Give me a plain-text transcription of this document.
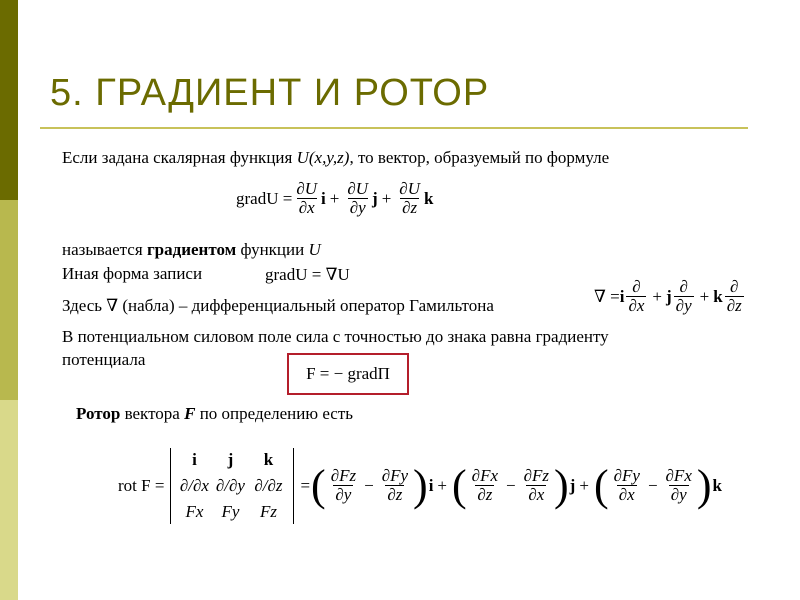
5. ГРАДИЕНТ И РОТОР
Если задана скалярная функция U(x,y,z), то вектор, образуемый по формуле
gradU = $\frac{\partial U}{\partial x}$ $i + \frac{\partial U}{\partial y}$ $j + \frac{\partial U}{\partial z}$ k
называется градиентом функции U
Иная форма записи	gradU = ∇U
Здесь ∇ (набла) – дифференциальный оператор Гамильтона	∇ = i $\frac{\partial}{\partial x} + j \frac{\partial}{\partial y} + k \frac{\partial}{\partial z}$
В потенциальном силовом поле сила с точностью до знака равна градиенту
потенциала
F = − gradΠ
Ротор вектора F по определению есть
rot F =
i	j	k
∂/∂x ∂/∂y ∂/∂z
Fx	Fy	Fz
= ( $\frac{\partial Fz}{\partial y} - \frac{\partial Fy}{\partial z}$ ) i + ( $\frac{\partial Fx}{\partial z} - \frac{\partial Fz}{\partial x}$ ) j + ( $\frac{\partial Fy}{\partial x} - \frac{\partial Fx}{\partial y}$ ) k
